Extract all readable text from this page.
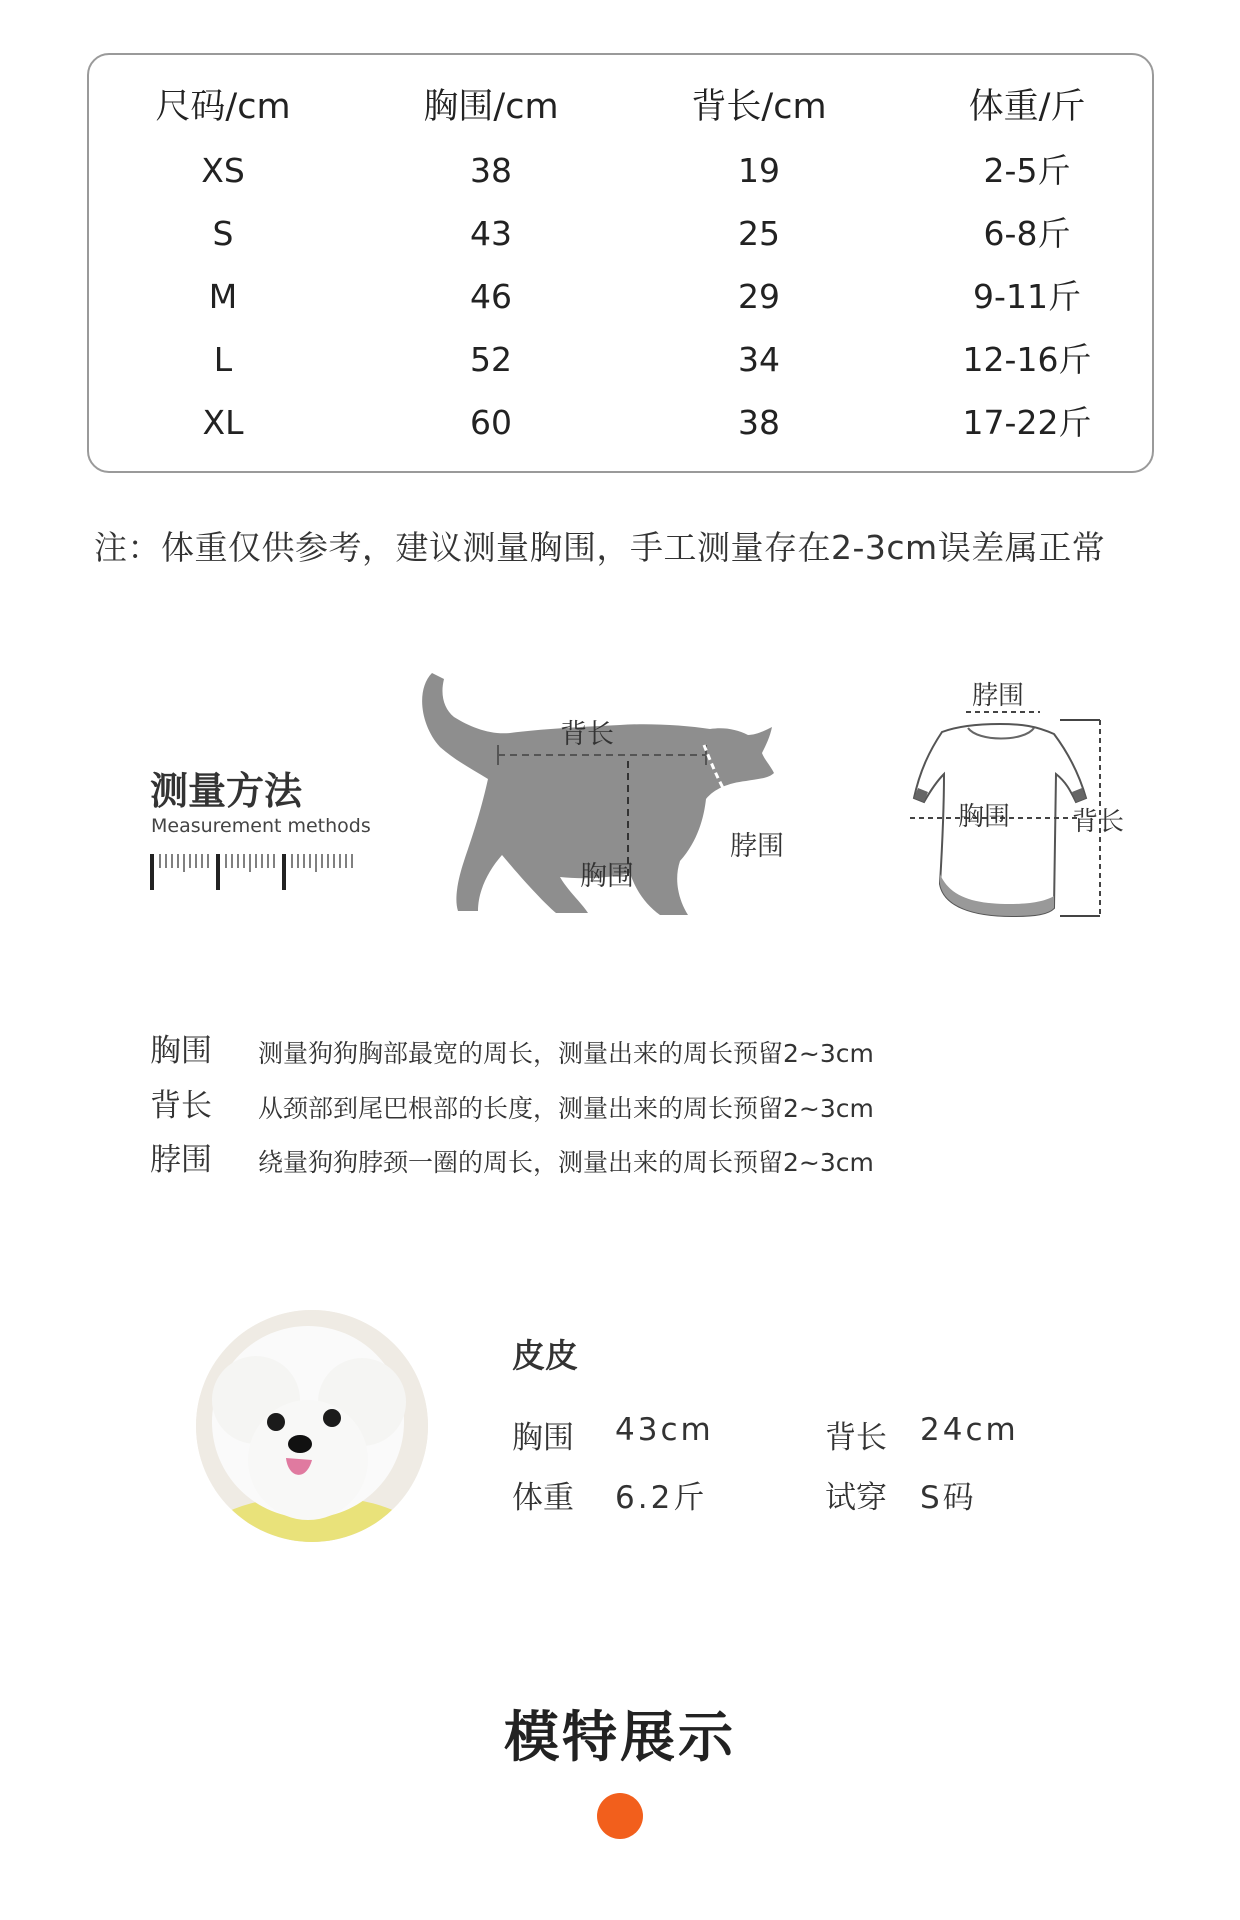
尺码/cm	胸围/cm	背长/cm	体重/斤
XS	38	19	2-5斤
S	43	25	6-8斤
M	46	29	9-11斤
L	52	34	12-16斤
XL	60	38	17-22斤
注：体重仅供参考，建议测量胸围，手工测量存在2-3cm误差属正常
测量方法
Measurement methods
背长
脖围
胸围
脖围
胸围 背长
胸围 测量狗狗胸部最宽的周长，测量出来的周长预留2~3cm
背长 从颈部到尾巴根部的长度，测量出来的周长预留2~3cm
脖围 绕量狗狗脖颈一圈的周长，测量出来的周长预留2~3cm
皮皮
胸围 43cm	背长 24cm
体重 6.2斤	试穿 S码
模特展示
